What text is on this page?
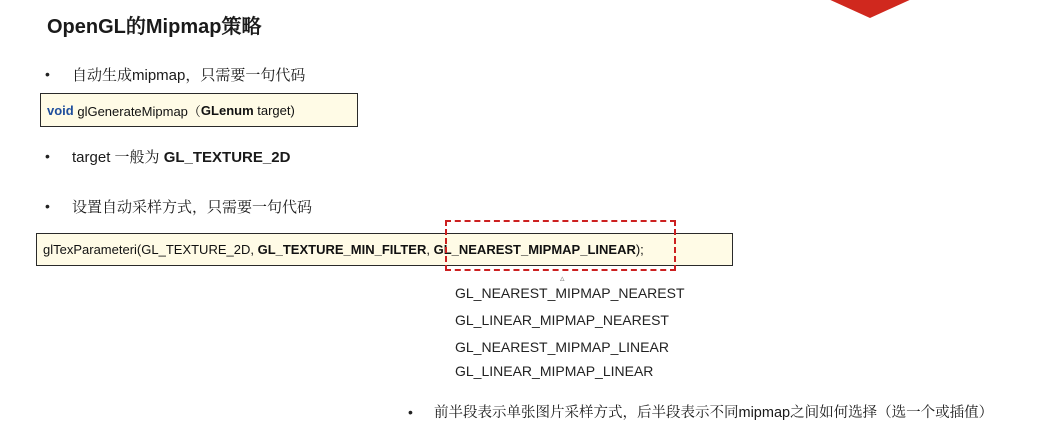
OpenGL的Mipmap策略
• 自动生成mipmap，只需要一句代码
void glGenerateMipmap（ GLenum target)
• target 一般为 GL_TEXTURE_2D
• 设置自动采样方式，只需要一句代码
glTexParameteri(GL_TEXTURE_2D, GL_TEXTURE_MIN_FILTER , GL_NEAREST_MIPMAP_LINEAR );
▵
GL_NEAREST_MIPMAP_NEAREST
GL_LINEAR_MIPMAP_NEAREST
GL_NEAREST_MIPMAP_LINEAR
GL_LINEAR_MIPMAP_LINEAR
• 前半段表示单张图片采样方式，后半段表示不同mipmap之间如何选择（选一个或插值）
